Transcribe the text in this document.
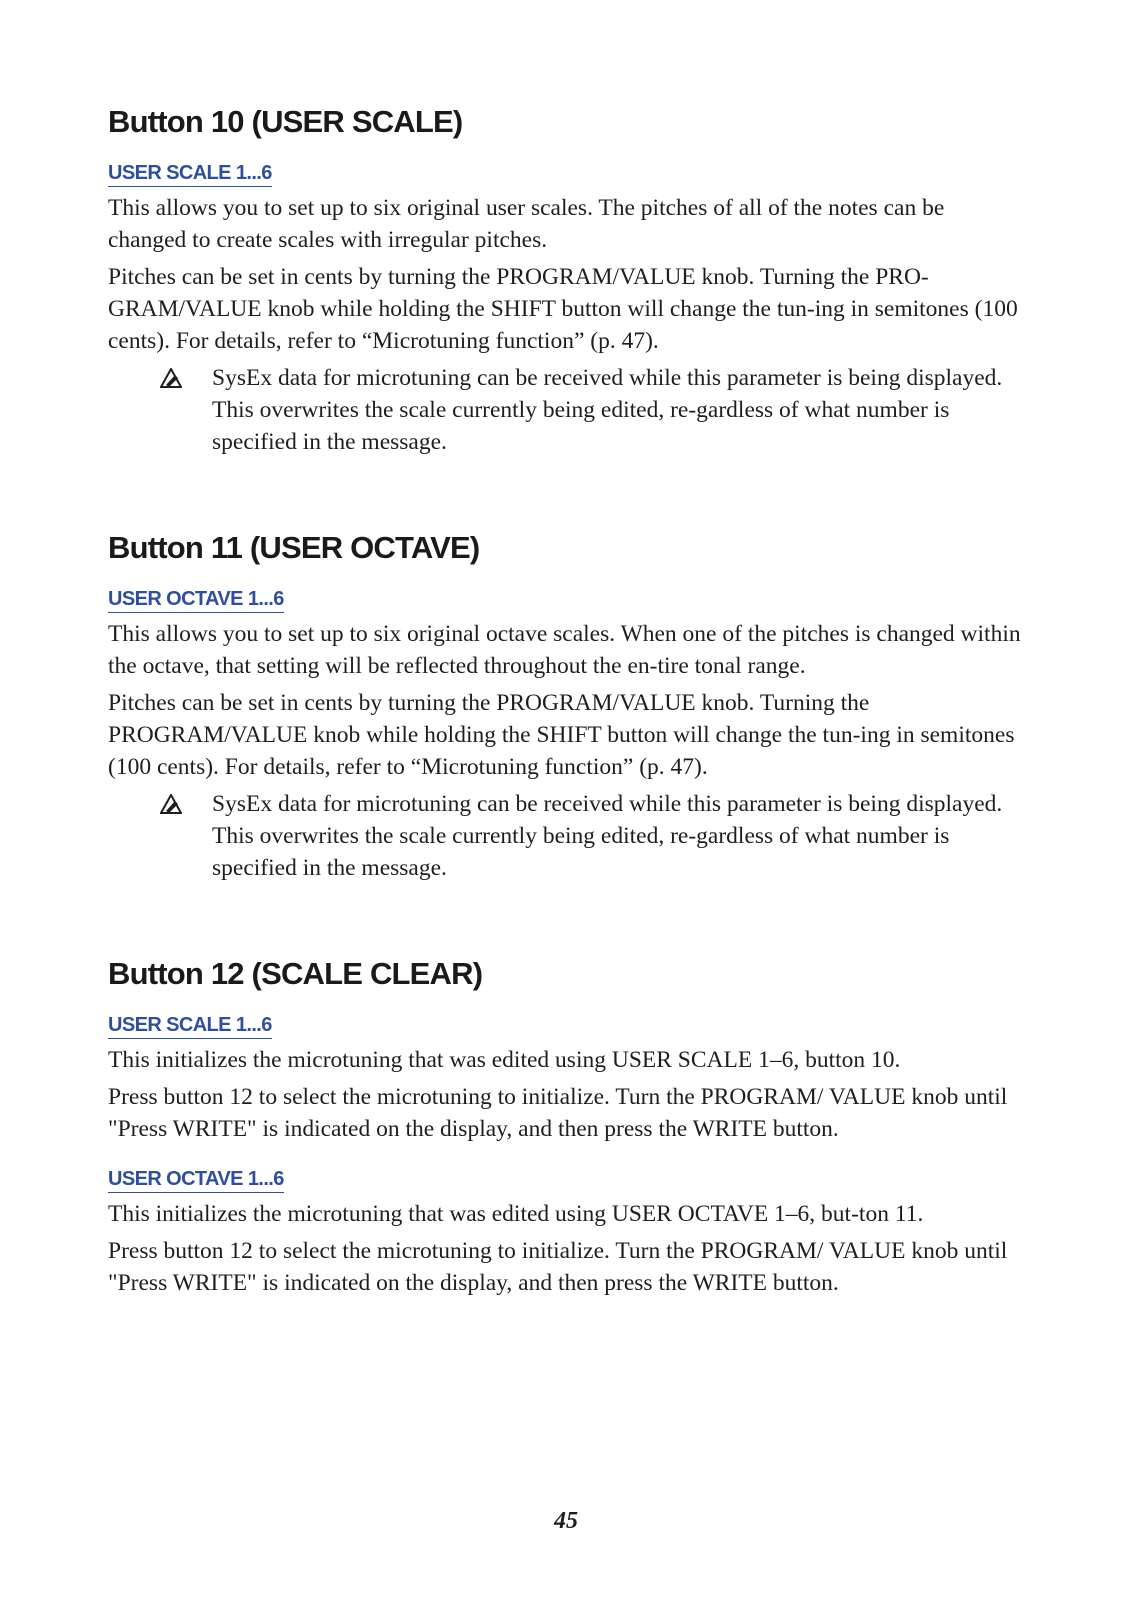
Button 10 (USER SCALE)
USER SCALE 1...6

This allows you to set up to six original user scales. The pitches of all of the notes can be changed to create scales with irregular pitches.

Pitches can be set in cents by turning the PROGRAM/VALUE knob. Turning the PRO-GRAM/VALUE knob while holding the SHIFT button will change the tun-ing in semitones (100 cents). For details, refer to “Microtuning function” (p. 47).

SysEx data for microtuning can be received while this parameter is being displayed. This overwrites the scale currently being edited, re-gardless of what number is specified in the message.

Button 11 (USER OCTAVE)
USER OCTAVE 1...6

This allows you to set up to six original octave scales. When one of the pitches is changed within the octave, that setting will be reflected throughout the en-tire tonal range.

Pitches can be set in cents by turning the PROGRAM/VALUE knob. Turning the PROGRAM/VALUE knob while holding the SHIFT button will change the tun-ing in semitones (100 cents). For details, refer to “Microtuning function” (p. 47).

SysEx data for microtuning can be received while this parameter is being displayed. This overwrites the scale currently being edited, re-gardless of what number is specified in the message.

Button 12 (SCALE CLEAR)
USER SCALE 1...6

This initializes the microtuning that was edited using USER SCALE 1–6, button 10.

Press button 12 to select the microtuning to initialize. Turn the PROGRAM/ VALUE knob until "Press WRITE" is indicated on the display, and then press the WRITE button.

USER OCTAVE 1...6

This initializes the microtuning that was edited using USER OCTAVE 1–6, but-ton 11.

Press button 12 to select the microtuning to initialize. Turn the PROGRAM/ VALUE knob until "Press WRITE" is indicated on the display, and then press the WRITE button.

45
